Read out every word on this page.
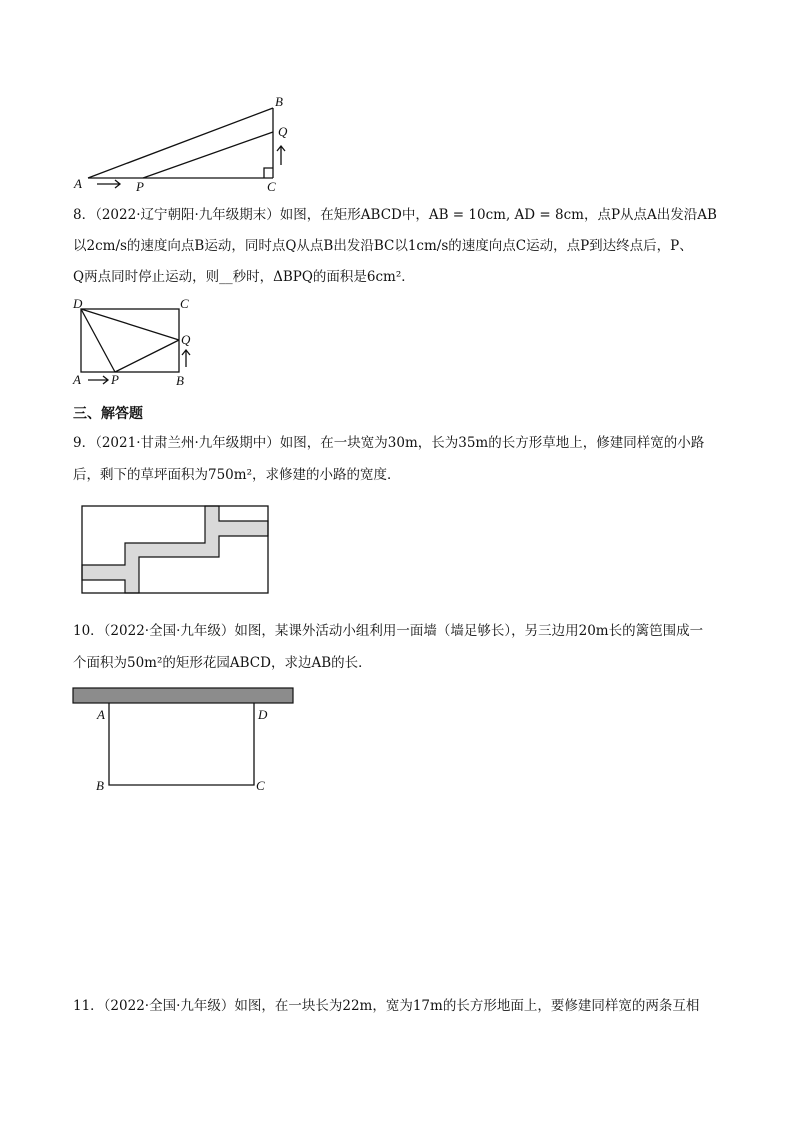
B
Q
A	P	C
8．（2022·辽宁朝阳·九年级期末）如图，在矩形ABCD中，AB = 10cm, AD = 8cm，点P从点A出发沿AB
以2cm/s的速度向点B运动，同时点Q从点B出发沿BC以1cm/s的速度向点C运动，点P到达终点后，P、
Q两点同时停止运动，则__秒时，ΔBPQ的面积是6cm²．
D	C
Q
A P	B
三、解答题
9．（2021·甘肃兰州·九年级期中）如图，在一块宽为30m，长为35m的长方形草地上，修建同样宽的小路
后，剩下的草坪面积为750m²，求修建的小路的宽度．
10．（2022·全国·九年级）如图，某课外活动小组利用一面墙（墙足够长），另三边用20m长的篱笆围成一
个面积为50m²的矩形花园ABCD，求边AB的长．
A	D
B	C
11．（2022·全国·九年级）如图，在一块长为22m，宽为17m的长方形地面上，要修建同样宽的两条互相
